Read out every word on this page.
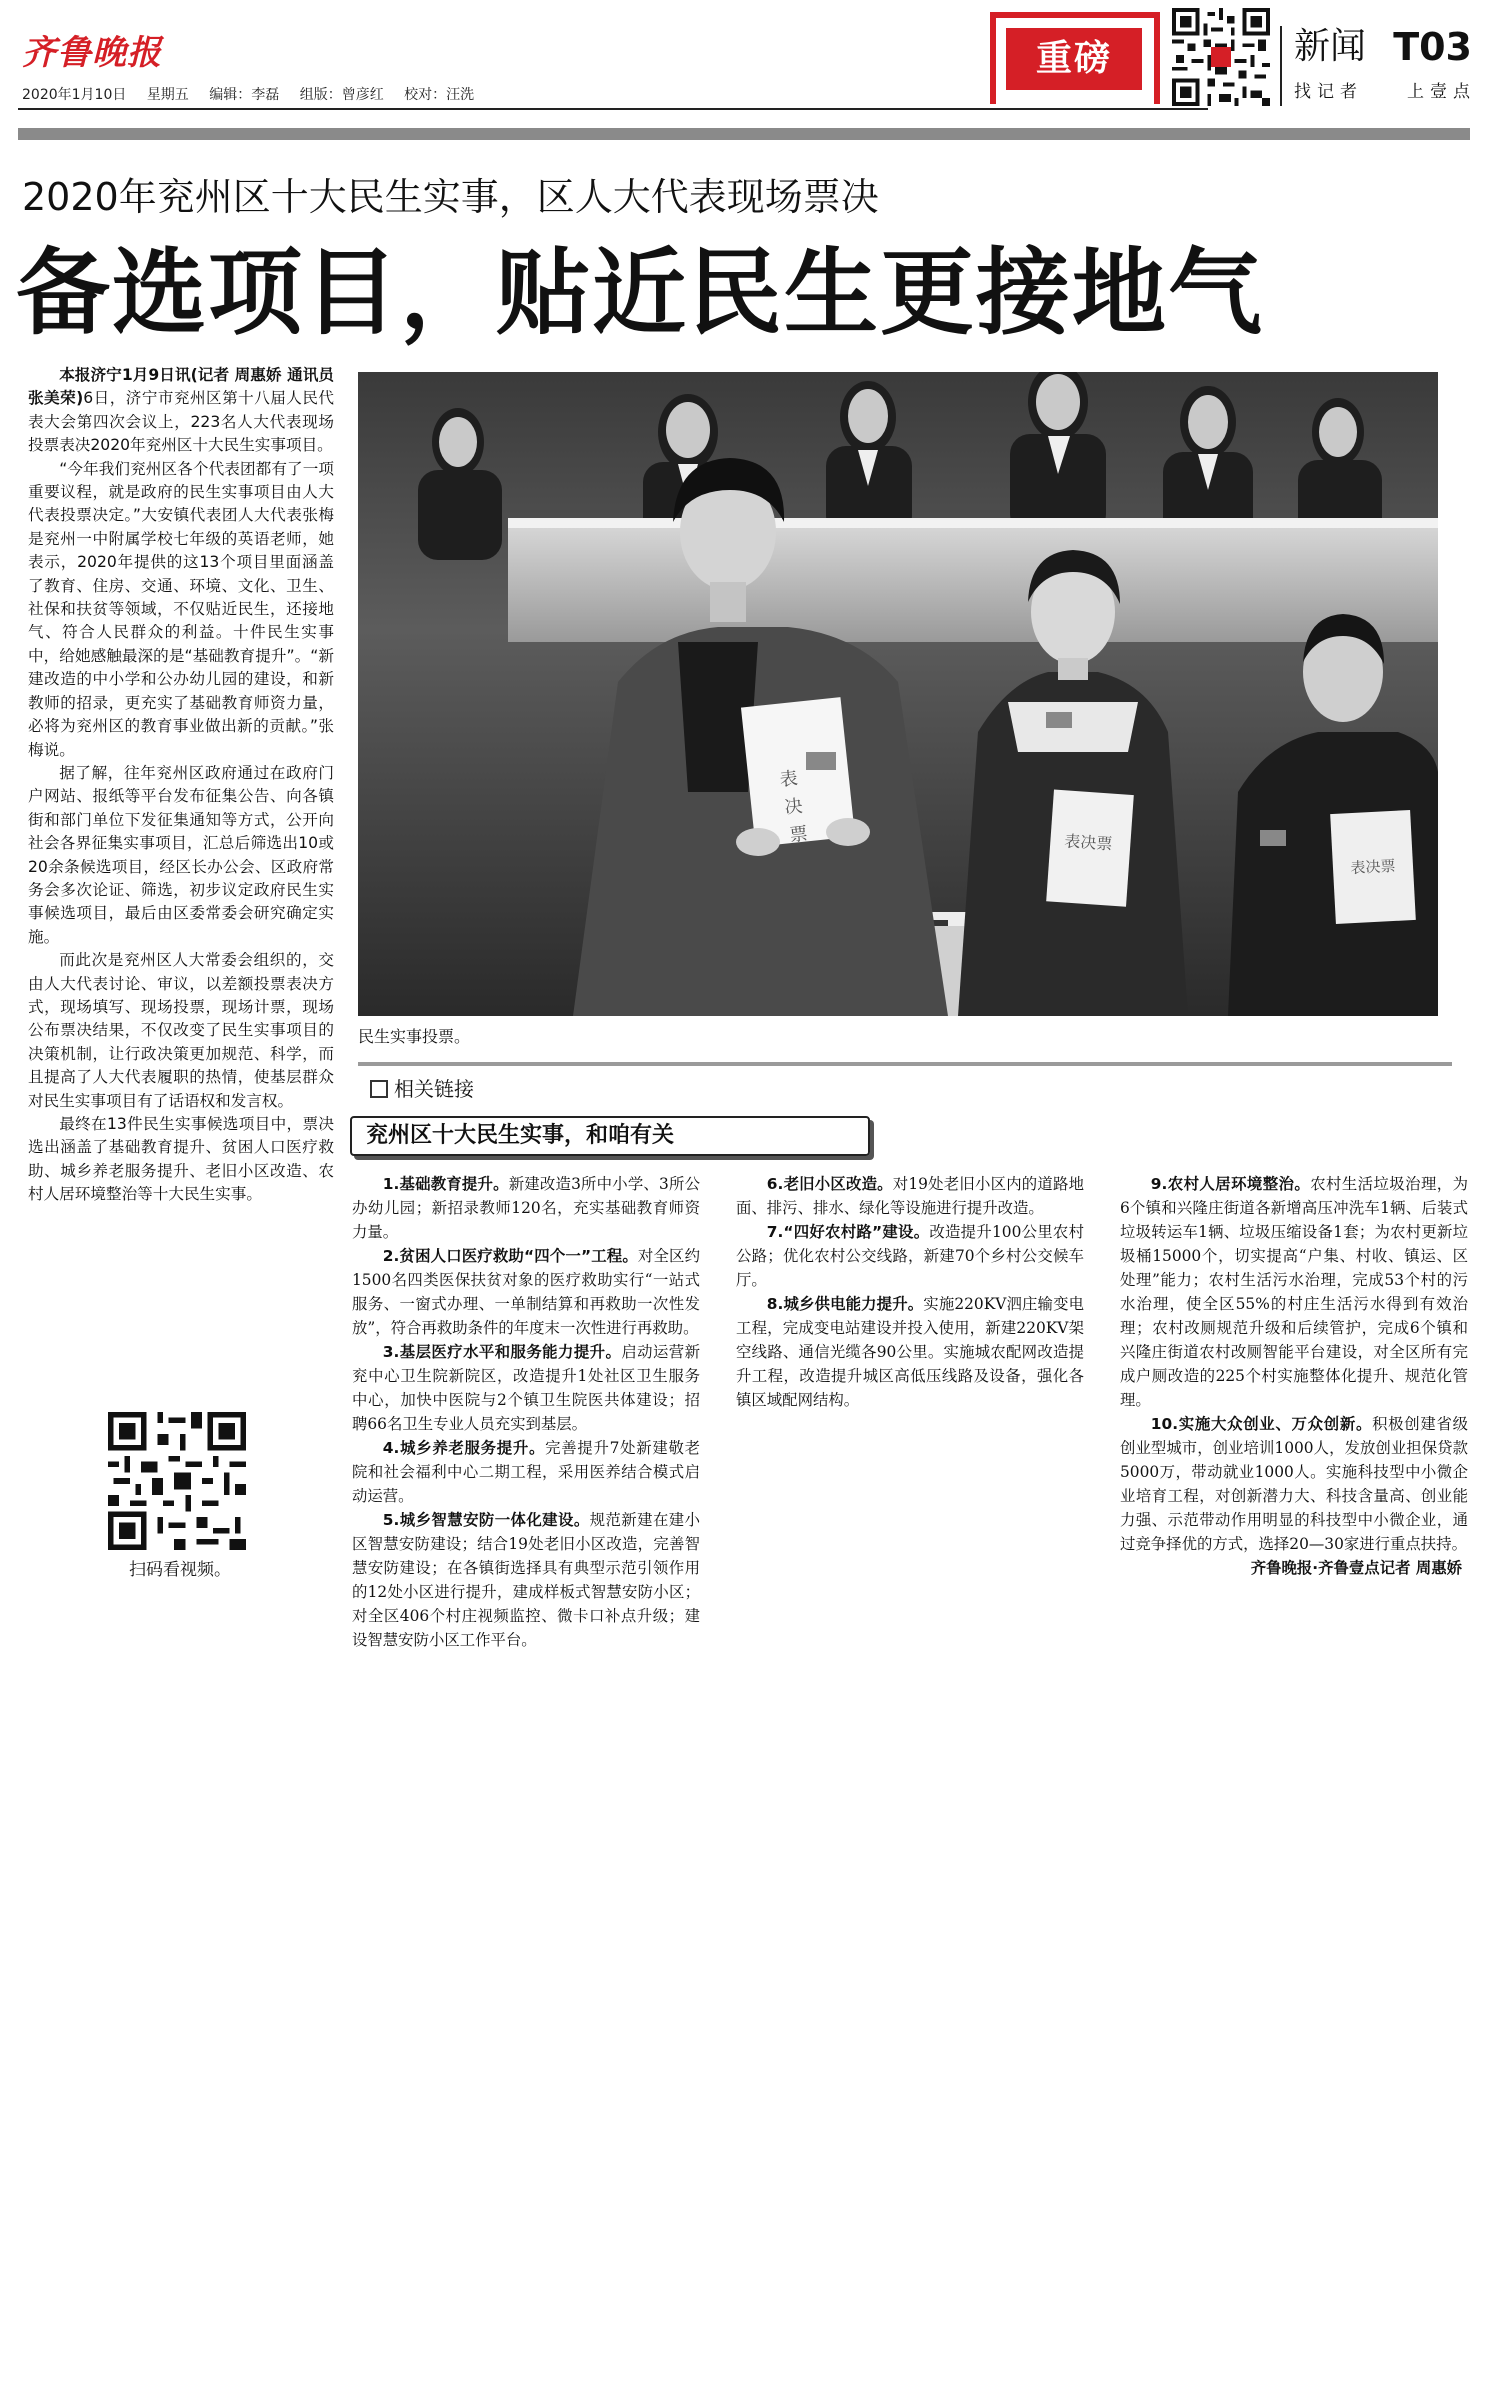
齐鲁晚报
2020年1月10日 星期五 编辑：李磊 组版：曾彦红 校对：汪洗
重磅	新闻 T03
找记者	上壹点
2020年兖州区十大民生实事，区人大代表现场票决
备选项目，贴近民生更接地气

本报济宁1月9日讯(记者 周惠娇 通讯员 张美荣)6日，济宁市兖州区第十八届人民代表大会第四次会议上，223名人大代表现场投票表决2020年兖州区十大民生实事项目。

“今年我们兖州区各个代表团都有了一项重要议程，就是政府的民生实事项目由人大代表投票决定。”大安镇代表团人大代表张梅是兖州一中附属学校七年级的英语老师，她表示，2020年提供的这13个项目里面涵盖了教育、住房、交通、环境、文化、卫生、社保和扶贫等领域，不仅贴近民生，还接地气、符合人民群众的利益。十件民生实事中，给她感触最深的是“基础教育提升”。“新建改造的中小学和公办幼儿园的建设，和新教师的招录，更充实了基础教育师资力量，必将为兖州区的教育事业做出新的贡献。”张梅说。

据了解，往年兖州区政府通过在政府门户网站、报纸等平台发布征集公告、向各镇街和部门单位下发征集通知等方式，公开向社会各界征集实事项目，汇总后筛选出10或20余条候选项目，经区长办公会、区政府常务会多次论证、筛选，初步议定政府民生实事候选项目，最后由区委常委会研究确定实施。

而此次是兖州区人大常委会组织的，交由人大代表讨论、审议，以差额投票表决方式，现场填写、现场投票，现场计票，现场公布票决结果，不仅改变了民生实事项目的决策机制，让行政决策更加规范、科学，而且提高了人大代表履职的热情，使基层群众对民生实事项目有了话语权和发言权。

最终在13件民生实事候选项目中，票决选出涵盖了基础教育提升、贫困人口医疗救助、城乡养老服务提升、老旧小区改造、农村人居环境整治等十大民生实事。

扫码看视频。
表
决
票	表决票
表决票
民生实事投票。
相关链接
兖州区十大民生实事，和咱有关

1.基础教育提升。新建改造3所中小学、3所公办幼儿园；新招录教师120名，充实基础教育师资力量。

2.贫困人口医疗救助“四个一”工程。对全区约1500名四类医保扶贫对象的医疗救助实行“一站式服务、一窗式办理、一单制结算和再救助一次性发放”，符合再救助条件的年度末一次性进行再救助。

3.基层医疗水平和服务能力提升。启动运营新兖中心卫生院新院区，改造提升1处社区卫生服务中心，加快中医院与2个镇卫生院医共体建设；招聘66名卫生专业人员充实到基层。

4.城乡养老服务提升。完善提升7处新建敬老院和社会福利中心二期工程，采用医养结合模式启动运营。

5.城乡智慧安防一体化建设。规范新建在建小区智慧安防建设；结合19处老旧小区改造，完善智慧安防建设；在各镇街选择具有典型示范引领作用的12处小区进行提升，建成样板式智慧安防小区；对全区406个村庄视频监控、微卡口补点升级；建设智慧安防小区工作平台。

6.老旧小区改造。对19处老旧小区内的道路地面、排污、排水、绿化等设施进行提升改造。

7.“四好农村路”建设。改造提升100公里农村公路；优化农村公交线路，新建70个乡村公交候车厅。

8.城乡供电能力提升。实施220KV泗庄输变电工程，完成变电站建设并投入使用，新建220KV架空线路、通信光缆各90公里。实施城农配网改造提升工程，改造提升城区高低压线路及设备，强化各镇区域配网结构。

9.农村人居环境整治。农村生活垃圾治理，为6个镇和兴隆庄街道各新增高压冲洗车1辆、后装式垃圾转运车1辆、垃圾压缩设备1套；为农村更新垃圾桶15000个，切实提高“户集、村收、镇运、区处理”能力；农村生活污水治理，完成53个村的污水治理，使全区55%的村庄生活污水得到有效治理；农村改厕规范升级和后续管护，完成6个镇和兴隆庄街道农村改厕智能平台建设，对全区所有完成户厕改造的225个村实施整体化提升、规范化管理。

10.实施大众创业、万众创新。积极创建省级创业型城市，创业培训1000人，发放创业担保贷款5000万，带动就业1000人。实施科技型中小微企业培育工程，对创新潜力大、科技含量高、创业能力强、示范带动作用明显的科技型中小微企业，通过竞争择优的方式，选择20—30家进行重点扶持。

齐鲁晚报·齐鲁壹点记者 周惠娇
